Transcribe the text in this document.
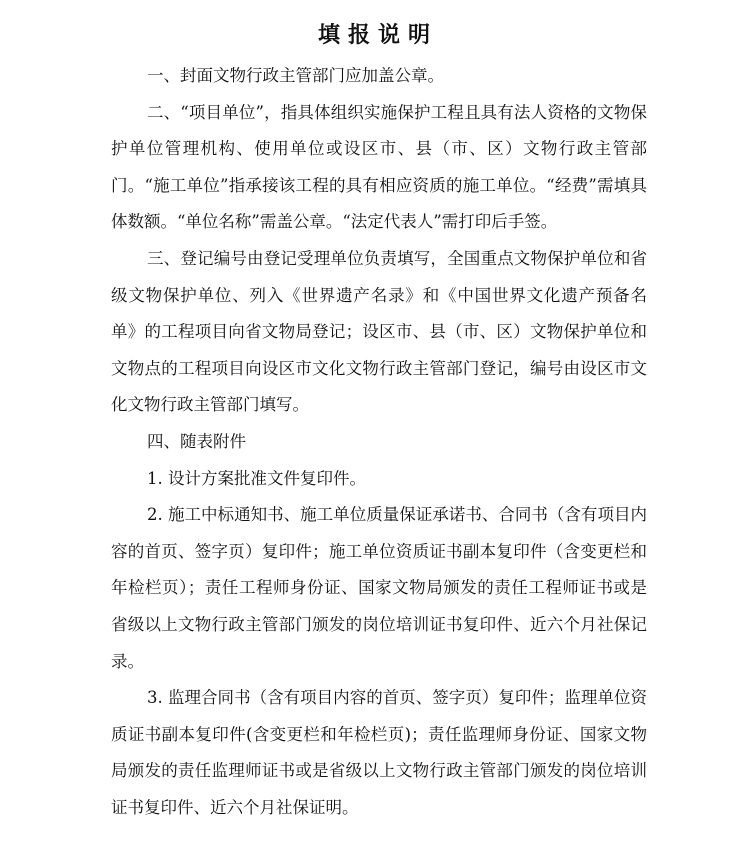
填报说明

一、封面文物行政主管部门应加盖公章。

二、“项目单位”，指具体组织实施保护工程且具有法人资格的文物保护单位管理机构、使用单位或设区市、县（市、区）文物行政主管部门。“施工单位”指承接该工程的具有相应资质的施工单位。“经费”需填具体数额。“单位名称”需盖公章。“法定代表人”需打印后手签。

三、登记编号由登记受理单位负责填写，全国重点文物保护单位和省级文物保护单位、列入《世界遗产名录》和《中国世界文化遗产预备名单》的工程项目向省文物局登记；设区市、县（市、区）文物保护单位和文物点的工程项目向设区市文化文物行政主管部门登记，编号由设区市文化文物行政主管部门填写。

四、随表附件

1. 设计方案批准文件复印件。

2. 施工中标通知书、施工单位质量保证承诺书、合同书（含有项目内容的首页、签字页）复印件；施工单位资质证书副本复印件（含变更栏和年检栏页）；责任工程师身份证、国家文物局颁发的责任工程师证书或是省级以上文物行政主管部门颁发的岗位培训证书复印件、近六个月社保记录。

3. 监理合同书（含有项目内容的首页、签字页）复印件；监理单位资质证书副本复印件(含变更栏和年检栏页)；责任监理师身份证、国家文物局颁发的责任监理师证书或是省级以上文物行政主管部门颁发的岗位培训证书复印件、近六个月社保证明。
